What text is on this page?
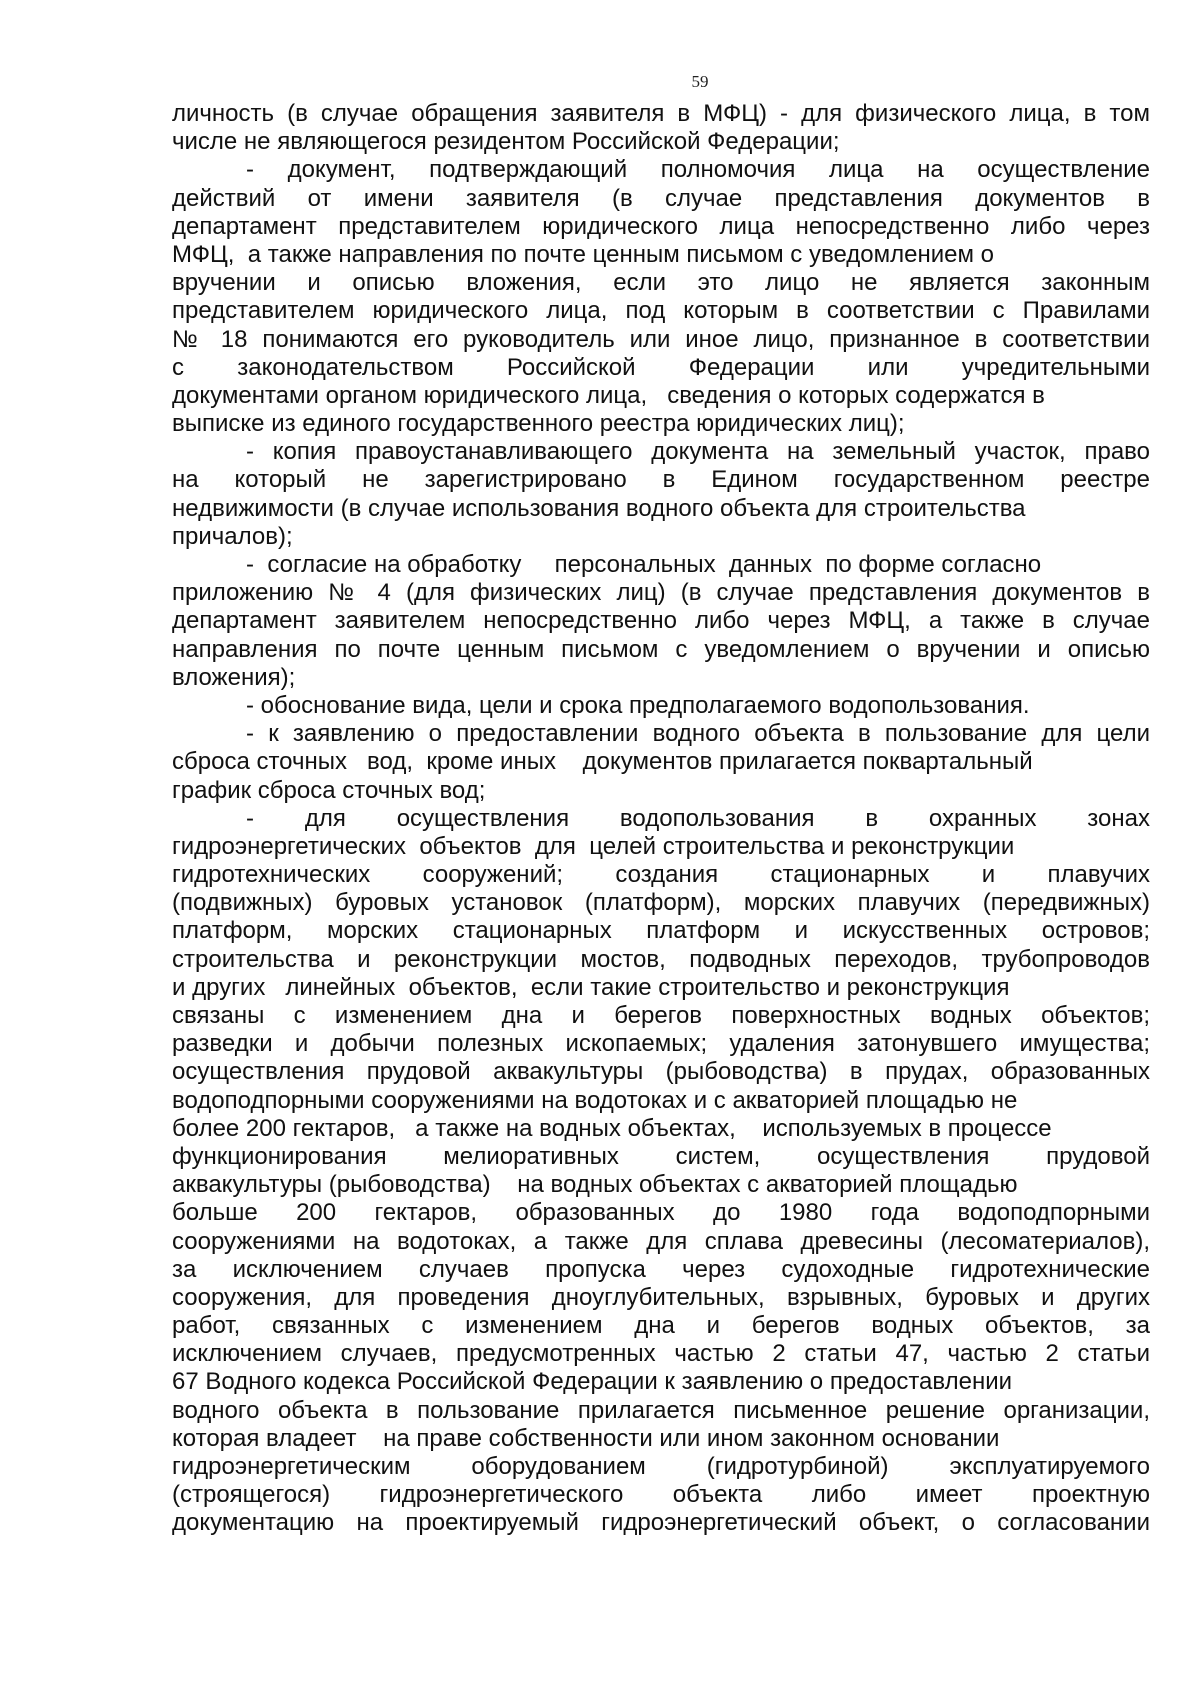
59
личность (в случае обращения заявителя в МФЦ) - для физического лица, в том
числе не являющегося резидентом Российской Федерации;
- документ, подтверждающий полномочия лица на осуществление
действий от имени заявителя (в случае представления документов в
департамент представителем юридического лица непосредственно либо через
МФЦ,  а также направления по почте ценным письмом с уведомлением о
вручении и описью вложения, если это лицо не является законным
представителем юридического лица, под которым в соответствии с Правилами
№ 18 понимаются его руководитель или иное лицо, признанное в соответствии
с законодательством Российской Федерации или учредительными
документами органом юридического лица,   сведения о которых содержатся в
выписке из единого государственного реестра юридических лиц);
- копия правоустанавливающего документа на земельный участок, право
на который не зарегистрировано в Едином государственном реестре
недвижимости (в случае использования водного объекта для строительства
причалов);
-  согласие на обработку     персональных  данных  по форме согласно
приложению № 4 (для физических лиц) (в случае представления документов в
департамент заявителем непосредственно либо через МФЦ, а также в случае
направления по почте ценным письмом с уведомлением о вручении и описью
вложения);
- обоснование вида, цели и срока предполагаемого водопользования.
- к заявлению о предоставлении водного объекта в пользование для цели
сброса сточных   вод,  кроме иных    документов прилагается поквартальный
график сброса сточных вод;
- для осуществления водопользования в охранных зонах
гидроэнергетических  объектов  для  целей строительства и реконструкции
гидротехнических сооружений; создания стационарных и плавучих
(подвижных) буровых установок (платформ), морских плавучих (передвижных)
платформ, морских стационарных платформ и искусственных островов;
строительства и реконструкции мостов, подводных переходов, трубопроводов
и других   линейных  объектов,  если такие строительство и реконструкция
связаны с изменением дна и берегов поверхностных водных объектов;
разведки и добычи полезных ископаемых; удаления затонувшего имущества;
осуществления прудовой аквакультуры (рыбоводства) в прудах, образованных
водоподпорными сооружениями на водотоках и с акваторией площадью не
более 200 гектаров,   а также на водных объектах,    используемых в процессе
функционирования мелиоративных систем, осуществления прудовой
аквакультуры (рыбоводства)    на водных объектах с акваторией площадью
больше 200 гектаров, образованных до 1980 года водоподпорными
сооружениями на водотоках, а также для сплава древесины (лесоматериалов),
за исключением случаев пропуска через судоходные гидротехнические
сооружения, для проведения дноуглубительных, взрывных, буровых и других
работ, связанных с изменением дна и берегов водных объектов, за
исключением случаев, предусмотренных частью 2 статьи 47, частью 2 статьи
67 Водного кодекса Российской Федерации к заявлению о предоставлении
водного объекта в пользование прилагается письменное решение организации,
которая владеет    на праве собственности или ином законном основании
гидроэнергетическим оборудованием (гидротурбиной) эксплуатируемого
(строящегося) гидроэнергетического объекта либо имеет проектную
документацию на проектируемый гидроэнергетический объект, о согласовании
